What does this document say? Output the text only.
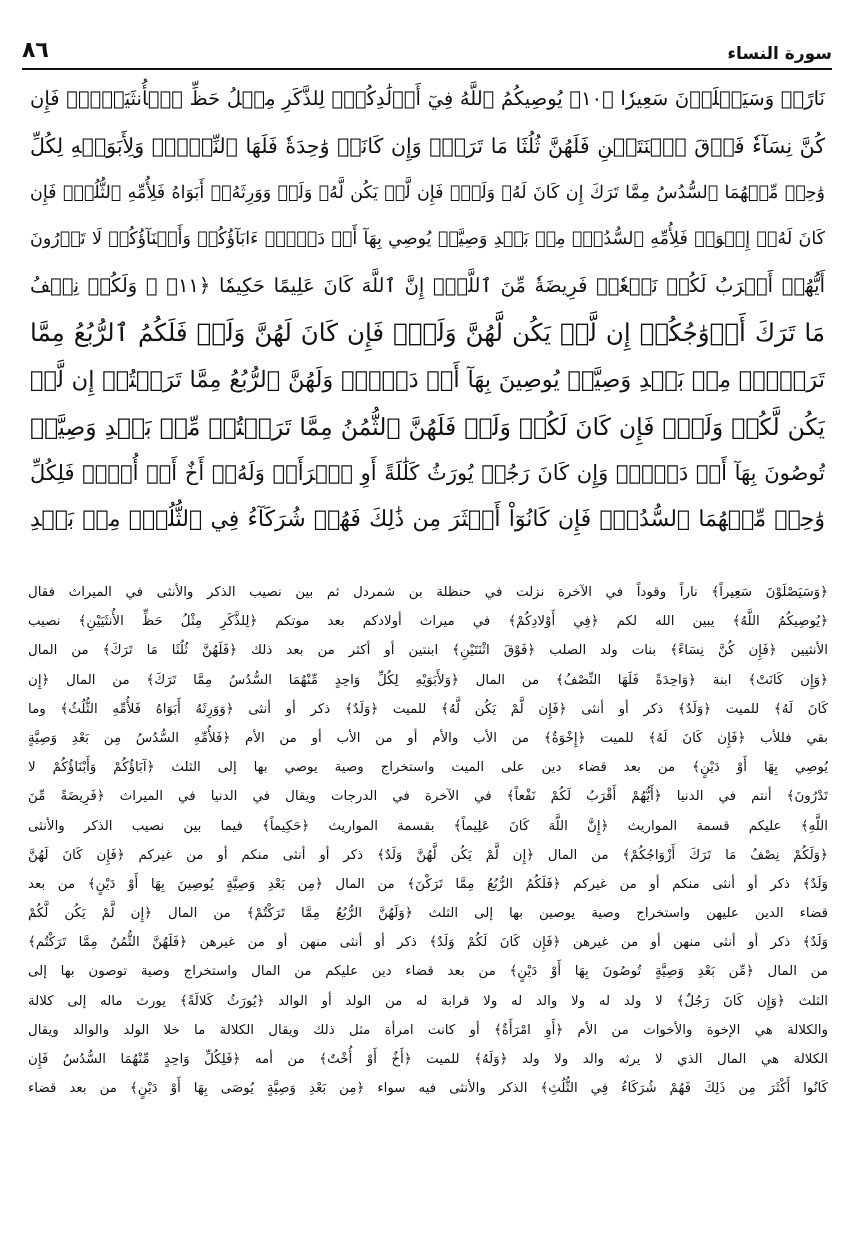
٨٦	سورة النساء
نَارًاۖ وَسَيَصۡلَوۡنَ سَعِيرٗا ﴿١٠﴾ يُوصِيكُمُ ٱللَّهُ فِيٓ أَوۡلَٰدِكُمۡۖ لِلذَّكَرِ مِثۡلُ حَظِّ ٱلۡأُنثَيَيۡنِۚ فَإِن
كُنَّ نِسَآءٗ فَوۡقَ ٱثۡنَتَيۡنِ فَلَهُنَّ ثُلُثَا مَا تَرَكَۖ وَإِن كَانَتۡ وَٰحِدَةٗ فَلَهَا ٱلنِّصۡفُۚ وَلِأَبَوَيۡهِ لِكُلِّ
وَٰحِدٖ مِّنۡهُمَا ٱلسُّدُسُ مِمَّا تَرَكَ إِن كَانَ لَهُۥ وَلَدٞۚ فَإِن لَّمۡ يَكُن لَّهُۥ وَلَدٞ وَوَرِثَهُۥٓ أَبَوَاهُ فَلِأُمِّهِ ٱلثُّلُثُۚ فَإِن
كَانَ لَهُۥٓ إِخۡوَةٞ فَلِأُمِّهِ ٱلسُّدُسُۚ مِنۢ بَعۡدِ وَصِيَّةٖ يُوصِي بِهَآ أَوۡ دَيۡنٍۗ ءَابَآؤُكُمۡ وَأَبۡنَآؤُكُمۡ لَا تَدۡرُونَ
أَيُّهُمۡ أَقۡرَبُ لَكُمۡ نَفۡعٗاۚ فَرِيضَةٗ مِّنَ ٱللَّهِۗ إِنَّ ٱللَّهَ كَانَ عَلِيمًا حَكِيمٗا ﴿١١﴾ ۞ وَلَكُمۡ نِصۡفُ
مَا تَرَكَ أَزۡوَٰجُكُمۡ إِن لَّمۡ يَكُن لَّهُنَّ وَلَدٞۚ فَإِن كَانَ لَهُنَّ وَلَدٞ فَلَكُمُ ٱلرُّبُعُ مِمَّا
تَرَكۡنَۚ مِنۢ بَعۡدِ وَصِيَّةٖ يُوصِينَ بِهَآ أَوۡ دَيۡنٖۚ وَلَهُنَّ ٱلرُّبُعُ مِمَّا تَرَكۡتُمۡ إِن لَّمۡ
يَكُن لَّكُمۡ وَلَدٞۚ فَإِن كَانَ لَكُمۡ وَلَدٞ فَلَهُنَّ ٱلثُّمُنُ مِمَّا تَرَكۡتُمۚ مِّنۢ بَعۡدِ وَصِيَّةٖ
تُوصُونَ بِهَآ أَوۡ دَيۡنٖۗ وَإِن كَانَ رَجُلٞ يُورَثُ كَلَٰلَةً أَوِ ٱمۡرَأَةٞ وَلَهُۥٓ أَخٌ أَوۡ أُخۡتٞ فَلِكُلِّ
وَٰحِدٖ مِّنۡهُمَا ٱلسُّدُسُۚ فَإِن كَانُوٓاْ أَكۡثَرَ مِن ذَٰلِكَ فَهُمۡ شُرَكَآءُ فِي ٱلثُّلُثِۚ مِنۢ بَعۡدِ
﴿وَسَيَصْلَوْنَ سَعِيراً﴾ ناراً وقوداً في الآخرة نزلت في حنظلة بن شمردل ثم بين نصيب الذكر والأنثى في الميراث فقال
﴿يُوصِيكُمُ اللَّهُ﴾ يبين الله لكم ﴿فِي أَوْلادِكُمْ﴾ في ميراث أولادكم بعد موتكم ﴿لِلذَّكَرِ مِثْلُ حَظِّ الأُنثَيَيْنِ﴾ نصيب
الأنثيين ﴿فَإِن كُنَّ نِسَاءً﴾ بنات ولد الصلب ﴿فَوْقَ اثْنَتَيْنِ﴾ ابنتين أو أكثر من بعد ذلك ﴿فَلَهُنَّ ثُلُثَا مَا تَرَكَ﴾ من المال
﴿وَإِن كَانَتْ﴾ ابنة ﴿وَاحِدَةً فَلَهَا النِّصْفُ﴾ من المال ﴿وَلأَبَوَيْهِ لِكُلِّ وَاحِدٍ مِّنْهُمَا السُّدُسُ مِمَّا تَرَكَ﴾ من المال ﴿إِن
كَانَ لَهُ﴾ للميت ﴿وَلَدٌ﴾ ذكر أو أنثى ﴿فَإِن لَّمْ يَكُن لَّهُ﴾ للميت ﴿وَلَدٌ﴾ ذكر أو أنثى ﴿وَوَرِثَهُ أَبَوَاهُ فَلأُمِّهِ الثُّلُثُ﴾ وما
بقي فللأب ﴿فَإِن كَانَ لَهُ﴾ للميت ﴿إِخْوَةٌ﴾ من الأب والأم أو من الأب أو من الأم ﴿فَلأُمِّهِ السُّدُسُ مِن بَعْدِ وَصِيَّةٍ
يُوصِي بِهَا أَوْ دَيْنٍ﴾ من بعد قضاء دين على الميت واستخراج وصية يوصي بها إلى الثلث ﴿آبَاؤُكُمْ وَأَبْنَاؤُكُمْ لا
تَدْرُونَ﴾ أنتم في الدنيا ﴿أَيُّهُمْ أَقْرَبُ لَكُمْ نَفْعاً﴾ في الآخرة في الدرجات ويقال في الدنيا في الميراث ﴿فَرِيضَةً مِّنَ
اللَّهِ﴾ عليكم قسمة المواريث ﴿إِنَّ اللَّهَ كَانَ عَلِيماً﴾ بقسمة المواريث ﴿حَكِيماً﴾ فيما بين نصيب الذكر والأنثى
﴿وَلَكُمْ نِصْفُ مَا تَرَكَ أَزْوَاجُكُمْ﴾ من المال ﴿إِن لَّمْ يَكُن لَّهُنَّ وَلَدٌ﴾ ذكر أو أنثى منكم أو من غيركم ﴿فَإِن كَانَ لَهُنَّ
وَلَدٌ﴾ ذكر أو أنثى منكم أو من غيركم ﴿فَلَكُمُ الرُّبُعُ مِمَّا تَرَكْنَ﴾ من المال ﴿مِن بَعْدِ وَصِيَّةٍ يُوصِينَ بِهَا أَوْ دَيْنٍ﴾ من بعد
قضاء الدين عليهن واستخراج وصية يوصين بها إلى الثلث ﴿وَلَهُنَّ الرُّبُعُ مِمَّا تَرَكْتُمْ﴾ من المال ﴿إِن لَّمْ يَكُن لَّكُمْ
وَلَدٌ﴾ ذكر أو أنثى منهن أو من غيرهن ﴿فَإِن كَانَ لَكُمْ وَلَدٌ﴾ ذكر أو أنثى منهن أو من غيرهن ﴿فَلَهُنَّ الثُّمُنُ مِمَّا تَرَكْتُم﴾
من المال ﴿مِّن بَعْدِ وَصِيَّةٍ تُوصُونَ بِهَا أَوْ دَيْنٍ﴾ من بعد قضاء دين عليكم من المال واستخراج وصية توصون بها إلى
الثلث ﴿وَإِن كَانَ رَجُلٌ﴾ لا ولد له ولا والد له ولا قرابة له من الولد أو الوالد ﴿يُورَثُ كَلالَةً﴾ يورث ماله إلى كلالة
والكلالة هي الإخوة والأخوات من الأم ﴿أَوِ امْرَأَةٌ﴾ أو كانت امرأة مثل ذلك ويقال الكلالة ما خلا الولد والوالد ويقال
الكلالة هي المال الذي لا يرثه والد ولا ولد ﴿وَلَهُ﴾ للميت ﴿أَخٌ أَوْ أُخْتٌ﴾ من أمه ﴿فَلِكُلِّ وَاحِدٍ مِّنْهُمَا السُّدُسُ فَإِن
كَانُوا أَكْثَرَ مِن ذَلِكَ فَهُمْ شُرَكَاءُ فِي الثُّلُثِ﴾ الذكر والأنثى فيه سواء ﴿مِن بَعْدِ وَصِيَّةٍ يُوصَى بِهَا أَوْ دَيْنٍ﴾ من بعد قضاء
